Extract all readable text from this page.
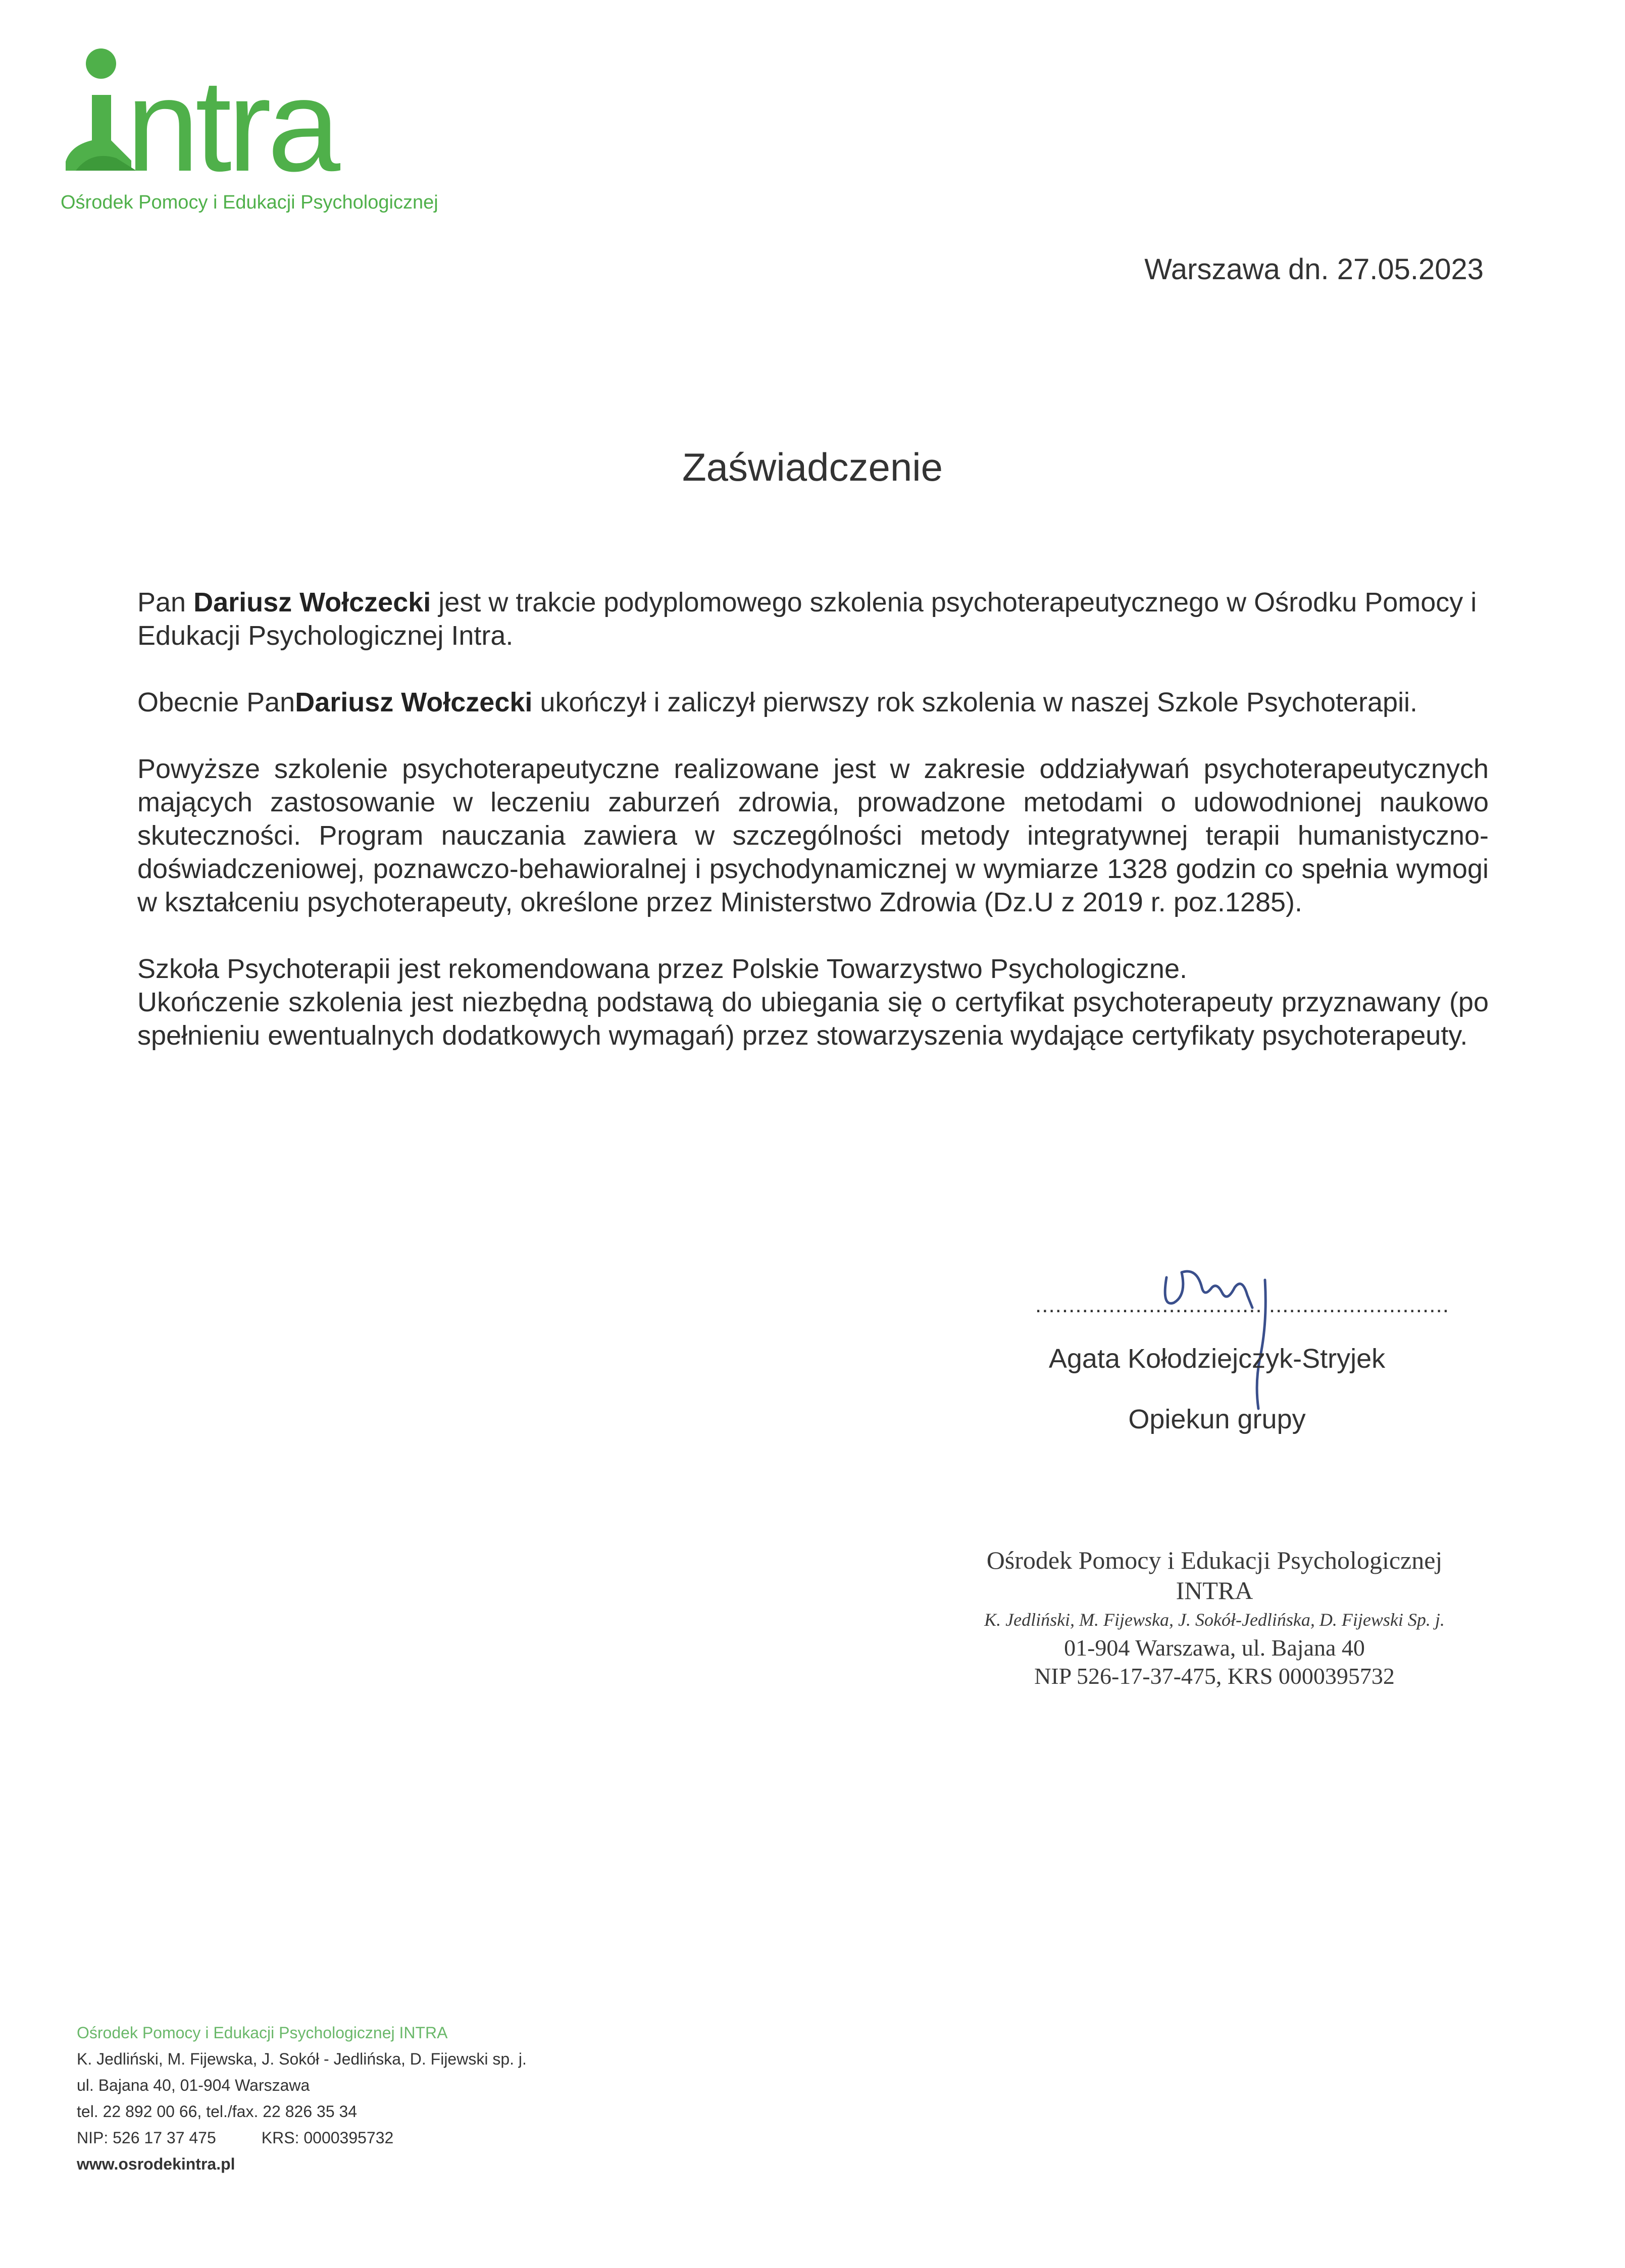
ntra
Ośrodek Pomocy i Edukacji Psychologicznej
Warszawa dn. 27.05.2023
Zaświadczenie

Pan Dariusz Wołczecki jest w trakcie podyplomowego szkolenia psychoterapeutycznego w Ośrodku Pomocy i Edukacji Psychologicznej Intra.

Obecnie PanDariusz Wołczecki ukończył i zaliczył pierwszy rok szkolenia w naszej Szkole Psychoterapii.

Powyższe szkolenie psychoterapeutyczne realizowane jest w zakresie oddziaływań psychoterapeutycznych mających zastosowanie w leczeniu zaburzeń zdrowia, prowadzone metodami o udowodnionej naukowo skuteczności. Program nauczania zawiera w szczególności metody integratywnej terapii humanistyczno-doświadczeniowej, poznawczo-behawioralnej i psychodynamicznej w wymiarze 1328 godzin co spełnia wymogi w kształceniu psychoterapeuty, określone przez Ministerstwo Zdrowia (Dz.U z 2019 r. poz.1285).

Szkoła Psychoterapii jest rekomendowana przez Polskie Towarzystwo Psychologiczne.

Ukończenie szkolenia jest niezbędną podstawą do ubiegania się o certyfikat psychoterapeuty przyznawany (po spełnieniu ewentualnych dodatkowych wymagań) przez stowarzyszenia wydające certyfikaty psychoterapeuty.

..............................................................
Agata Kołodziejczyk-Stryjek
Opiekun grupy
Ośrodek Pomocy i Edukacji Psychologicznej
INTRA
K. Jedliński, M. Fijewska, J. Sokół-Jedlińska, D. Fijewski Sp. j.
01-904 Warszawa, ul. Bajana 40
NIP 526-17-37-475, KRS 0000395732
Ośrodek Pomocy i Edukacji Psychologicznej INTRA
K. Jedliński, M. Fijewska, J. Sokół - Jedlińska, D. Fijewski sp. j.
ul. Bajana 40, 01-904 Warszawa
tel. 22 892 00 66, tel./fax. 22 826 35 34
NIP: 526 17 37 475	KRS: 0000395732
www.osrodekintra.pl
